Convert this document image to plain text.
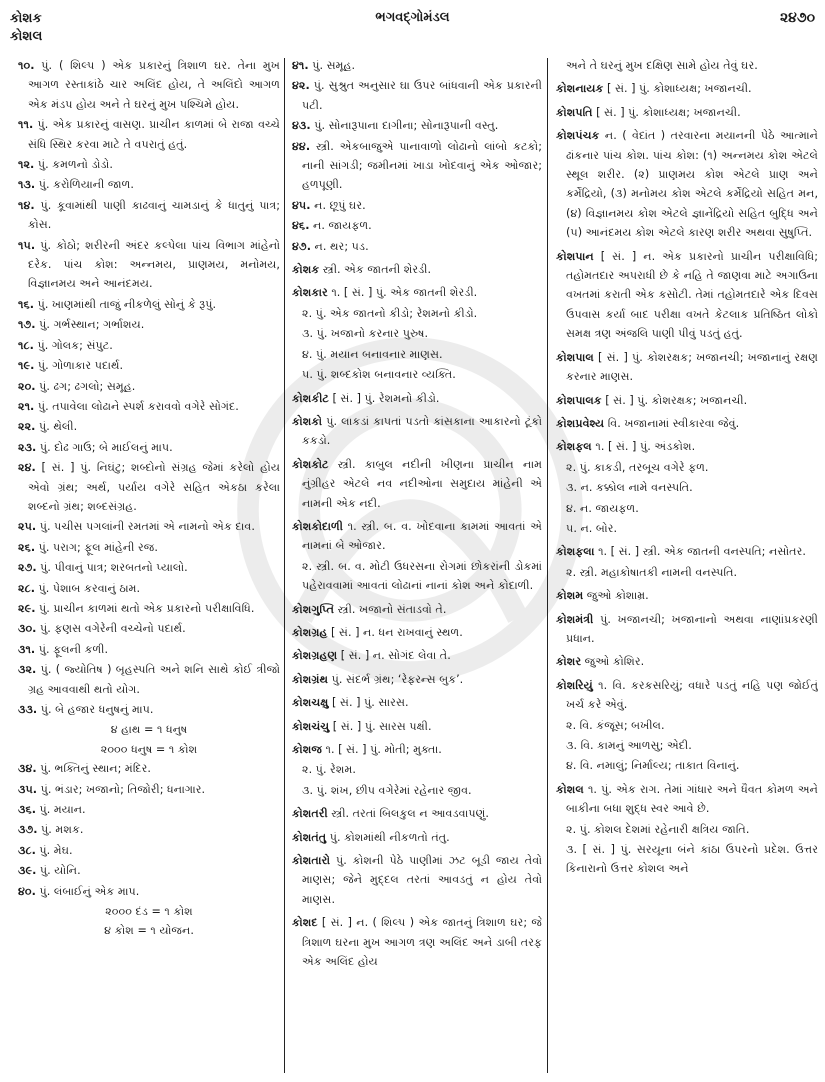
કોશક
કોશલ
ભગવદ્ગોમંડલ	૨૪૭૦
૧૦. પું. ( શિલ્પ ) એક પ્રકારનું ત્રિશાળ ઘર. તેના મુખ આગળ રસ્તાકાંઠે ચાર અલિંદ હોય, તે અલિંદો આગળ એક મંડપ હોય અને તે ઘરનું મુખ પશ્ચિમે હોય.
૧૧. પું. એક પ્રકારનું વાસણ. પ્રાચીન કાળમાં બે રાજા વચ્ચે સંધિ સ્થિર કરવા માટે તે વપરાતું હતું.
૧૨. પું. કમળનો ડોડો.
૧૩. પું. કરોળિયાની જાળ.
૧૪. પું. કૂવામાંથી પાણી કાઢવાનું ચામડાનું કે ધાતુનું પાત્ર; કોસ.
૧૫. પું. કોઠો; શરીરની અંદર કલ્પેલા પાંચ વિભાગ માંહેનો દરેક. પાંચ કોશ: અન્નમય, પ્રાણમય, મનોમય, વિજ્ઞાનમય અને આનંદમય.
૧૬. પું. ખાણમાંથી તાજું નીકળેલું સોનું કે રૂપું.
૧૭. પું. ગર્ભસ્થાન; ગર્ભાશય.
૧૮. પું. ગોલક; સંપુટ.
૧૯. પું. ગોળાકાર પદાર્થ.
૨૦. પું. ઢગ; ઢગલો; સમૂહ.
૨૧. પું. તપાવેલા લોઢાને સ્પર્શ કરાવવો વગેરે સોગંદ.
૨૨. પું. થેલી.
૨૩. પું. દોઢ ગાઉ; બે માઈલનું માપ.
૨૪. [ સં. ] પું. નિઘંટુ; શબ્દોનો સંગ્રહ જેમાં કરેલો હોય એવો ગ્રંથ; અર્થ, પર્યાય વગેરે સહિત એકઠા કરેલા શબ્દનો ગ્રંથ; શબ્દસંગ્રહ.
૨૫. પું. પચીસ પગલાંની રમતમાં એ નામનો એક દાવ.
૨૬. પું. પરાગ; ફૂલ માંહેની રજ.
૨૭. પું. પીવાનું પાત્ર; શરબતનો પ્યાલો.
૨૮. પું. પેશાબ કરવાનું ઠામ.
૨૯. પું. પ્રાચીન કાળમાં થતો એક પ્રકારનો પરીક્ષાવિધિ.
૩૦. પું. ફણસ વગેરેની વચ્ચેનો પદાર્થ.
૩૧. પું. ફૂલની કળી.
૩૨. પું. ( જ્યોતિષ ) બૃહસ્પતિ અને શનિ સાથે કોઈ ત્રીજો ગ્રહ આવવાથી થતો યોગ.
૩૩. પું. બે હજાર ધનુષનું માપ.
૪ હાથ = ૧ ધનુષ
૨૦૦૦ ધનુષ = ૧ કોશ
૩૪. પું. ભક્તિનું સ્થાન; મંદિર.
૩૫. પું. ભંડાર; ખજાનો; તિજોરી; ધનાગાર.
૩૬. પું. મયાન.
૩૭. પું. મશક.
૩૮. પું. મેઘ.
૩૯. પું. યોનિ.
૪૦. પું. લંબાઈનું એક માપ.
૨૦૦૦ દંડ = ૧ કોશ
૪ કોશ = ૧ યોજન.
૪૧. પું. સમૂહ.
૪૨. પું. સુશ્રુત અનુસાર ઘા ઉપર બાંધવાની એક પ્રકારની પટી.
૪૩. પું. સોનારૂપાના દાગીના; સોનારૂપાની વસ્તુ.
૪૪. સ્ત્રી. એકબાજુએ પાનાવાળો લોઢાનો લાંબો કટકો; નાની સાંગડી; જમીનમાં ખાડા ખોદવાનું એક ઓજાર; હળપૂણી.
૪૫. ન. છૂપું ઘર.
૪૬. ન. જાયફળ.
૪૭. ન. થર; પડ.
કોશક સ્ત્રી. એક જાતની શેરડી.
કોશકાર ૧. [ સં. ] પું. એક જાતની શેરડી.
૨. પું. એક જાતનો કીડો; રેશમનો કીડો.
૩. પું. ખજાનો કરનાર પુરુષ.
૪. પું. મયાન બનાવનાર માણસ.
૫. પું. શબ્દકોશ બનાવનાર વ્યક્તિ.
કોશકીટ [ સં. ] પું. રેશમનો કીડો.
કોશકો પું. લાકડાં કાપતાં પડતો કાંસકાના આકારનો ટૂંકો કકડો.
કોશકોટ સ્ત્રી. કાબુલ નદીની ખીણના પ્રાચીન નામ નુંગ્રીહર એટલે નવ નદીઓના સમુદાય માંહેની એ નામની એક નદી.
કોશકોદાળી ૧. સ્ત્રી. બ. વ. ખોદવાના કામમાં આવતાં એ નામનાં બે ઓજાર.
૨. સ્ત્રી. બ. વ. મોટી ઉધરસના રોગમાં છોકરાંની ડોકમાં પહેરાવવામાં આવતાં લોઢાનાં નાનાં કોશ અને કોદાળી.
કોશગુપ્તિ સ્ત્રી. ખજાનો સંતાડવો તે.
કોશગ્રહ [ સં. ] ન. ધન રાખવાનું સ્થળ.
કોશગ્રહણ [ સં. ] ન. સોગંદ લેવા તે.
કોશગ્રંથ પું. સંદર્ભ ગ્રંથ; ‘રેફરન્સ બુક’.
કોશચક્ષુ [ સં. ] પું. સારસ.
કોશચંચુ [ સં. ] પું. સારસ પક્ષી.
કોશજ ૧. [ સં. ] પું. મોતી; મુક્તા.
૨. પું. રેશમ.
૩. પું. શંખ, છીપ વગેરેમાં રહેનાર જીવ.
કોશતરી સ્ત્રી. તરતાં બિલકુલ ન આવડવાપણું.
કોશતંતુ પું. કોશમાંથી નીકળતો તંતુ.
કોશતારો પું. કોશની પેઠે પાણીમાં ઝટ બૂડી જાય તેવો માણસ; જેને મુદ્દલ તરતાં આવડતું ન હોય તેવો માણસ.
કોશદ [ સં. ] ન. ( શિલ્પ ) એક જાતનું ત્રિશાળ ઘર; જે ત્રિશાળ ઘરના મુખ આગળ ત્રણ અલિંદ અને ડાબી તરફ એક અલિંદ હોય
અને તે ઘરનું મુખ દક્ષિણ સામે હોય તેવું ઘર.
કોશનાયક [ સં. ] પું. કોશાધ્યક્ષ; ખજાનચી.
કોશપતિ [ સં. ] પું. કોશાધ્યક્ષ; ખજાનચી.
કોશપંચક ન. ( વેદાંત ) તરવારના મયાનની પેઠે આત્માને ઢાંકનાર પાંચ કોશ. પાંચ કોશ: (૧) અન્નમય કોશ એટલે સ્થૂલ શરીર. (૨) પ્રાણમય કોશ એટલે પ્રાણ અને કર્મેંદ્રિયો, (૩) મનોમય કોશ એટલે કર્મેંદ્રિયો સહિત મન, (૪) વિજ્ઞાનમય કોશ એટલે જ્ઞાનેંદ્રિયો સહિત બુદ્ધિ અને (૫) આનંદમય કોશ એટલે કારણ શરીર અથવા સુષુપ્તિ.
કોશપાન [ સં. ] ન. એક પ્રકારનો પ્રાચીન પરીક્ષાવિધિ; તહોમતદાર અપરાધી છે કે નહિ તે જાણવા માટે અગાઉના વખતમાં કરાતી એક કસોટી. તેમાં તહોમતદારે એક દિવસ ઉપવાસ કર્યા બાદ પરીક્ષા વખતે કેટલાક પ્રતિષ્ઠિત લોકો સમક્ષ ત્રણ અંજલિ પાણી પીવું પડતું હતું.
કોશપાલ [ સં. ] પું. કોશરક્ષક; ખજાનચી; ખજાનાનું રક્ષણ કરનાર માણસ.
કોશપાલક [ સં. ] પું. કોશરક્ષક; ખજાનચી.
કોશપ્રવેશ્ય વિ. ખજાનામાં સ્વીકારવા જેવું.
કોશફલ ૧. [ સં. ] પું. અંડકોશ.
૨. પું. કાકડી, તરબૂચ વગેરે ફળ.
૩. ન. કક્કોલ નામે વનસ્પતિ.
૪. ન. જાયફળ.
૫. ન. બોર.
કોશફલા ૧. [ સં. ] સ્ત્રી. એક જાતની વનસ્પતિ; નસોતર.
૨. સ્ત્રી. મહાકોષાતકી નામની વનસ્પતિ.
કોશમ જુઓ કોશામ્ર.
કોશમંત્રી પું. ખજાનચી; ખજાનાનો અથવા નાણાંપ્રકરણી પ્રધાન.
કોશર જુઓ કોશિર.
કોશરિયું ૧. વિ. કરકસરિયું; વધારે પડતું નહિ પણ જોઈતું ખર્ચ કરે એવું.
૨. વિ. કંજૂસ; બખીલ.
૩. વિ. કામનું આળસુ; એદી.
૪. વિ. નમાલું; નિર્માલ્ય; તાકાત વિનાનું.
કોશલ ૧. પું. એક રાગ. તેમાં ગાંધાર અને ધૈવત કોમળ અને બાકીના બધા શુદ્ધ સ્વર આવે છે.
૨. પું. કોશલ દેશમાં રહેનારી ક્ષત્રિય જાતિ.
૩. [ સં. ] પું. સરયૂના બંને કાંઠા ઉપરનો પ્રદેશ. ઉત્તર કિનારાનો ઉત્તર કોશલ અને
